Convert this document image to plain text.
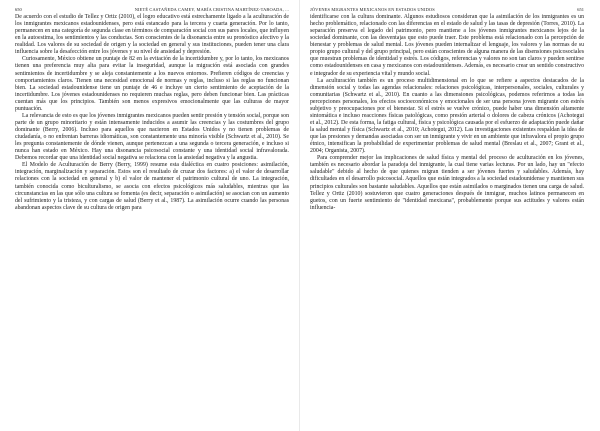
650	NIETÉ CASTAÑEDA CAMEY, MARÍA CRISTINA MARTÍNEZ-TABOADA, ...

De acuerdo con el estudio de Tellez y Ortiz (2010), el logro educativo está estrechamente ligado a la aculturación de los inmigrantes mexicanos estadounidenses, pero está estancado para la tercera y cuarta generación. Por lo tanto, permanecen en una categoría de segunda clase en términos de comparación social con sus pares locales, que influyen en la autoestima, los sentimientos y las conductas. Son conscientes de la disonancia entre su pronóstico afectivo y la realidad. Los valores de su sociedad de origen y la sociedad en general y sus instituciones, pueden tener una clara influencia sobre la desafección entre los jóvenes y su nivel de ansiedad y depresión.

Curiosamente, México obtiene un puntaje de 82 en la evitación de la incertidumbre y, por lo tanto, los mexicanos tienen una preferencia muy alta para evitar la inseguridad, aunque la migración está asociada con grandes sentimientos de incertidumbre y se aleja constantemente a los nuevos entornos. Prefieren códigos de creencias y comportamientos claros. Tienen una necesidad emocional de normas y reglas, incluso si las reglas no funcionan bien. La sociedad estadounidense tiene un puntaje de 46 e incluye un cierto sentimiento de aceptación de la incertidumbre. Los jóvenes estadounidenses no requieren muchas reglas, pero deben funcionar bien. Las prácticas cuentan más que los principios. También son menos expresivos emocionalmente que las culturas de mayor puntuación.

La relevancia de esto es que los jóvenes inmigrantes mexicanos pueden sentir presión y tensión social, porque son parte de un grupo minoritario y están intensamente inducidos a asumir las creencias y las costumbres del grupo dominante (Berry, 2006). Incluso para aquellos que nacieron en Estados Unidos y no tienen problemas de ciudadanía, o no enfrentan barreras idiomáticas, son constantemente una minoría visible (Schwartz et al., 2010). Se les pregunta constantemente de dónde vienen, aunque pertenezcan a una segunda o tercera generación, e incluso si nunca han estado en México. Hay una disonancia psicosocial constante y una identidad social infravalorada. Debemos recordar que una identidad social negativa se relaciona con la ansiedad negativa y la angustia.

El Modelo de Aculturación de Berry (Berry, 1999) resume esta dialéctica en cuatro posiciones: asimilación, integración, marginalización y separación. Estos son el resultado de cruzar dos factores: a) el valor de desarrollar relaciones con la sociedad en general y b) el valor de mantener el patrimonio cultural de uno. La integración, también conocida como biculturalismo, se asocia con efectos psicológicos más saludables, mientras que las circunstancias en las que sólo una cultura se fomenta (es decir, separación o asimilación) se asocian con un aumento del sufrimiento y la tristeza, y con cargas de salud (Berry et al., 1987). La asimilación ocurre cuando las personas abandonan aspectos clave de su cultura de origen para

JÓVENES MIGRANTES MEXICANOS EN ESTADOS UNIDOS	651

identificarse con la cultura dominante. Algunos estudiosos consideran que la asimilación de los inmigrantes es un hecho problemático, relacionado con las diferencias en el estado de salud y las tasas de depresión (Torres, 2010). La separación preserva el legado del patrimonio, pero mantiene a los jóvenes inmigrantes mexicanos lejos de la sociedad dominante, con las desventajas que esto puede traer. Este problema está relacionado con la percepción de bienestar y problemas de salud mental. Los jóvenes pueden internalizar el lenguaje, los valores y las normas de su propio grupo cultural y del grupo principal, pero están conscientes de alguna manera de las disensiones psicosociales que muestran problemas de identidad y estrés. Los códigos, referencias y valores no son tan claros y pueden sentirse como estadounidenses en casa y mexicanos con estadounidenses. Además, es necesario crear un sentido constructivo e integrador de su experiencia vital y mundo social.

La aculturación también es un proceso multidimensional en lo que se refiere a aspectos destacados de la dimensión social y todas las agendas relacionales: relaciones psicológicas, interpersonales, sociales, culturales y comunitarias (Schwartz et al., 2010). En cuanto a las dimensiones psicológicas, podemos referirnos a todas las percepciones personales, los efectos socioeconómicos y emocionales de ser una persona joven migrante con estrés subjetivo y preocupaciones por el bienestar. Si el estrés se vuelve crónico, puede haber una dimensión altamente sintomática e incluso reacciones físicas patológicas, como presión arterial o dolores de cabeza crónicos (Achotegui et al., 2012). De esta forma, la fatiga cultural, física y psicológica causada por el esfuerzo de adaptación puede dañar la salud mental y física (Schwartz et al., 2010; Achotegui, 2012). Las investigaciones existentes respaldan la idea de que las presiones y demandas asociadas con ser un inmigrante y vivir en un ambiente que infravalora el propio grupo étnico, intensifican la probabilidad de experimentar problemas de salud mental (Breslau et al., 2007; Grant et al., 2004; Organista, 2007).

Para comprender mejor las implicaciones de salud física y mental del proceso de aculturación en los jóvenes, también es necesario abordar la paradoja del inmigrante, la cual tiene varias lecturas. Por un lado, hay un "efecto saludable" debido al hecho de que quienes migran tienden a ser jóvenes fuertes y saludables. Además, hay dificultades en el desarrollo psicosocial. Aquellos que están integrados a la sociedad estadounidense y mantienen sus principios culturales son bastante saludables. Aquellos que están asimilados o marginados tienen una carga de salud. Tellez y Ortiz (2010) sostuvieron que cuatro generaciones después de inmigrar, muchos latinos permanecen en guetos, con un fuerte sentimiento de "identidad mexicana", probablemente porque sus actitudes y valores están influencia-
